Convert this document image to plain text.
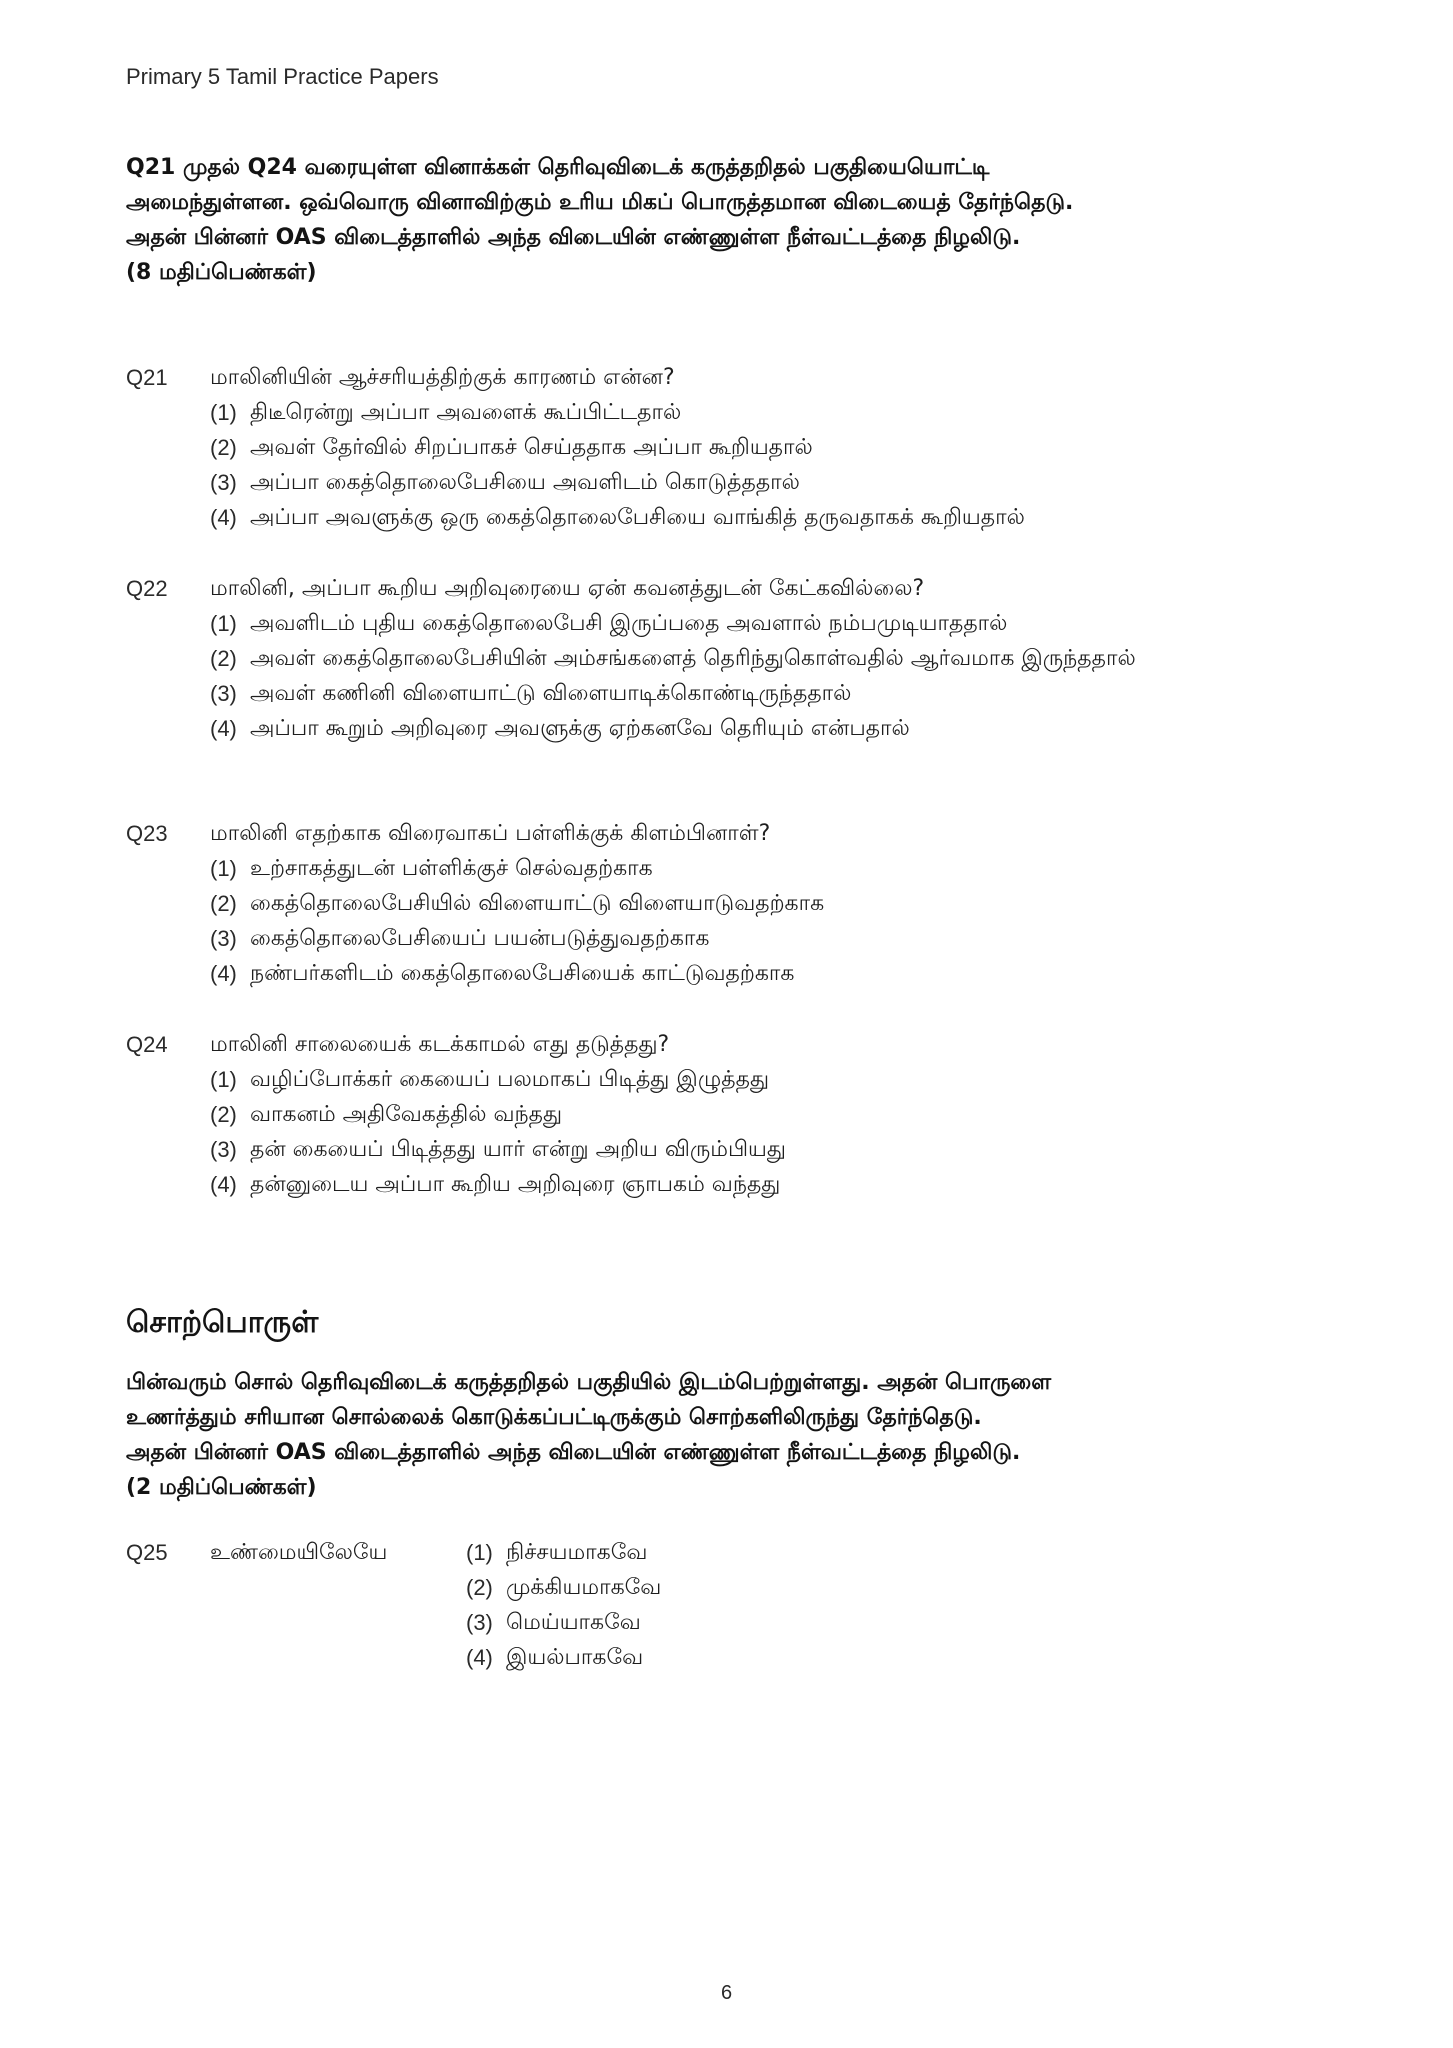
Primary 5 Tamil Practice Papers

Q21 முதல் Q24 வரையுள்ள வினாக்கள் தெரிவுவிடைக் கருத்தறிதல் பகுதியையொட்டி

அமைந்துள்ளன. ஒவ்வொரு வினாவிற்கும் உரிய மிகப் பொருத்தமான விடையைத் தேர்ந்தெடு.

அதன் பின்னர் OAS விடைத்தாளில் அந்த விடையின் எண்ணுள்ள நீள்வட்டத்தை நிழலிடு.

(8 மதிப்பெண்கள்)

Q21	மாலினியின் ஆச்சரியத்திற்குக் காரணம் என்ன?
(1) திடீரென்று அப்பா அவளைக் கூப்பிட்டதால்
(2) அவள் தேர்வில் சிறப்பாகச் செய்ததாக அப்பா கூறியதால்
(3) அப்பா கைத்தொலைபேசியை அவளிடம் கொடுத்ததால்
(4) அப்பா அவளுக்கு ஒரு கைத்தொலைபேசியை வாங்கித் தருவதாகக் கூறியதால்
Q22	மாலினி, அப்பா கூறிய அறிவுரையை ஏன் கவனத்துடன் கேட்கவில்லை?
(1) அவளிடம் புதிய கைத்தொலைபேசி இருப்பதை அவளால் நம்பமுடியாததால்
(2) அவள் கைத்தொலைபேசியின் அம்சங்களைத் தெரிந்துகொள்வதில் ஆர்வமாக இருந்ததால்
(3) அவள் கணினி விளையாட்டு விளையாடிக்கொண்டிருந்ததால்
(4) அப்பா கூறும் அறிவுரை அவளுக்கு ஏற்கனவே தெரியும் என்பதால்
Q23	மாலினி எதற்காக விரைவாகப் பள்ளிக்குக் கிளம்பினாள்?
(1) உற்சாகத்துடன் பள்ளிக்குச் செல்வதற்காக
(2) கைத்தொலைபேசியில் விளையாட்டு விளையாடுவதற்காக
(3) கைத்தொலைபேசியைப் பயன்படுத்துவதற்காக
(4) நண்பர்களிடம் கைத்தொலைபேசியைக் காட்டுவதற்காக
Q24	மாலினி சாலையைக் கடக்காமல் எது தடுத்தது?
(1) வழிப்போக்கர் கையைப் பலமாகப் பிடித்து இழுத்தது
(2) வாகனம் அதிவேகத்தில் வந்தது
(3) தன் கையைப் பிடித்தது யார் என்று அறிய விரும்பியது
(4) தன்னுடைய அப்பா கூறிய அறிவுரை ஞாபகம் வந்தது
சொற்பொருள்

பின்வரும் சொல் தெரிவுவிடைக் கருத்தறிதல் பகுதியில் இடம்பெற்றுள்ளது. அதன் பொருளை

உணர்த்தும் சரியான சொல்லைக் கொடுக்கப்பட்டிருக்கும் சொற்களிலிருந்து தேர்ந்தெடு.

அதன் பின்னர் OAS விடைத்தாளில் அந்த விடையின் எண்ணுள்ள நீள்வட்டத்தை நிழலிடு.

(2 மதிப்பெண்கள்)

Q25	உண்மையிலேயே	(1) நிச்சயமாகவே
(2) முக்கியமாகவே
(3) மெய்யாகவே
(4) இயல்பாகவே
6
